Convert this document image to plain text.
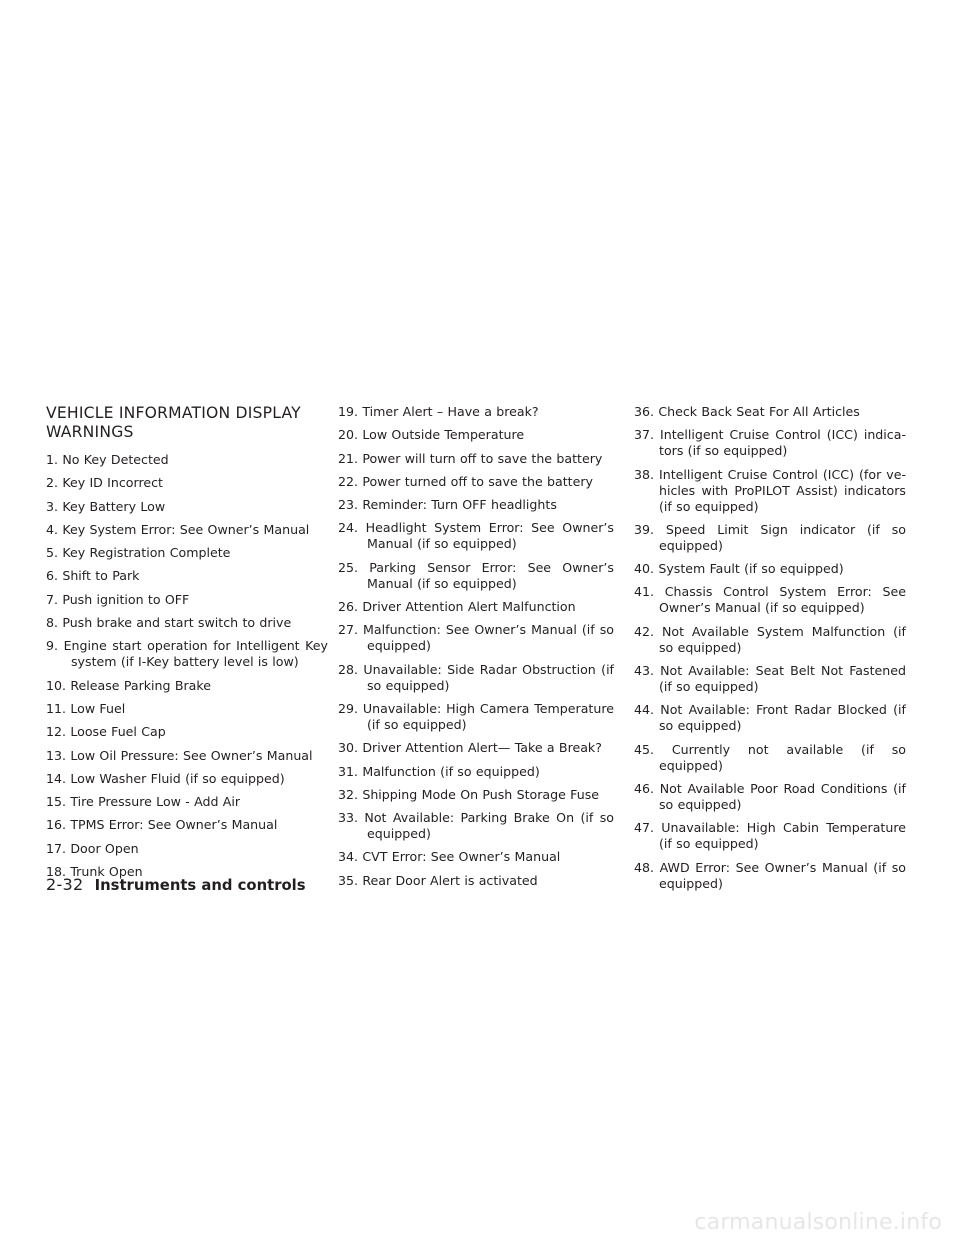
VEHICLE INFORMATION DISPLAY WARNINGS
1. No Key Detected
2. Key ID Incorrect
3. Key Battery Low
4. Key System Error: See Owner’s Manual
5. Key Registration Complete
6. Shift to Park
7. Push ignition to OFF
8. Push brake and start switch to drive
9. Engine start operation for Intelligent Key system (if I-Key battery level is low)
10. Release Parking Brake
11. Low Fuel
12. Loose Fuel Cap
13. Low Oil Pressure: See Owner’s Manual
14. Low Washer Fluid (if so equipped)
15. Tire Pressure Low - Add Air
16. TPMS Error: See Owner’s Manual
17. Door Open
18. Trunk Open
19. Timer Alert – Have a break?
20. Low Outside Temperature
21. Power will turn off to save the battery
22. Power turned off to save the battery
23. Reminder: Turn OFF headlights
24. Headlight System Error: See Owner’s Manual (if so equipped)
25. Parking Sensor Error: See Owner’s Manual (if so equipped)
26. Driver Attention Alert Malfunction
27. Malfunction: See Owner’s Manual (if so equipped)
28. Unavailable: Side Radar Obstruction (if so equipped)
29. Unavailable: High Camera Temperature (if so equipped)
30. Driver Attention Alert— Take a Break?
31. Malfunction (if so equipped)
32. Shipping Mode On Push Storage Fuse
33. Not Available: Parking Brake On (if so equipped)
34. CVT Error: See Owner’s Manual
35. Rear Door Alert is activated
36. Check Back Seat For All Articles
37. Intelligent Cruise Control (ICC) indica- tors (if so equipped)
38. Intelligent Cruise Control (ICC) (for ve- hicles with ProPILOT Assist) indicators (if so equipped)
39. Speed Limit Sign indicator (if so equipped)
40. System Fault (if so equipped)
41. Chassis Control System Error: See Owner’s Manual (if so equipped)
42. Not Available System Malfunction (if so equipped)
43. Not Available: Seat Belt Not Fastened (if so equipped)
44. Not Available: Front Radar Blocked (if so equipped)
45. Currently not available (if so equipped)
46. Not Available Poor Road Conditions (if so equipped)
47. Unavailable: High Cabin Temperature (if so equipped)
48. AWD Error: See Owner’s Manual (if so equipped)
2-32 Instruments and controls
carmanualsonline.info
